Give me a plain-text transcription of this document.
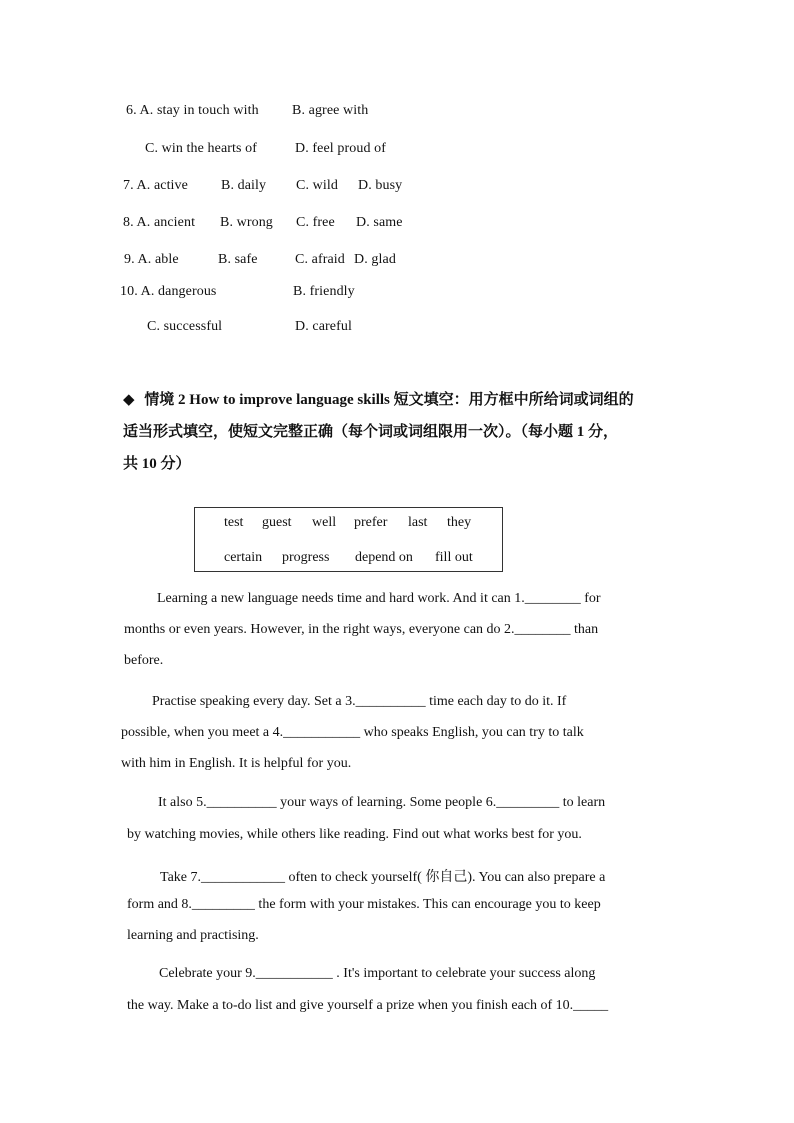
6. A. stay in touch with B. agree with
C. win the hearts of	D. feel proud of
7. A. active B. daily C. wild D. busy
8. A. ancient B. wrong C. free D. same
9. A. able	B. safe	C. afraid D. glad
10. A. dangerous	B. friendly
C. successful	D. careful
◆ 情境 2 How to improve language skills 短文填空：用方框中所给词或词组的
适当形式填空，使短文完整正确（每个词或词组限用一次）。（每小题 1 分，
共 10 分）
test guest well prefer last they
certain progress depend on fill out
Learning a new language needs time and hard work. And it can 1.________ for
months or even years. However, in the right ways, everyone can do 2.________ than
before.
Practise speaking every day. Set a 3.__________ time each day to do it. If
possible, when you meet a 4.___________ who speaks English, you can try to talk
with him in English. It is helpful for you.
It also 5.__________ your ways of learning. Some people 6._________ to learn
by watching movies, while others like reading. Find out what works best for you.
Take 7.____________ often to check yourself( 你自己). You can also prepare a
form and 8._________ the form with your mistakes. This can encourage you to keep
learning and practising.
Celebrate your 9.___________ . It's important to celebrate your success along
the way. Make a to-do list and give yourself a prize when you finish each of 10._____
